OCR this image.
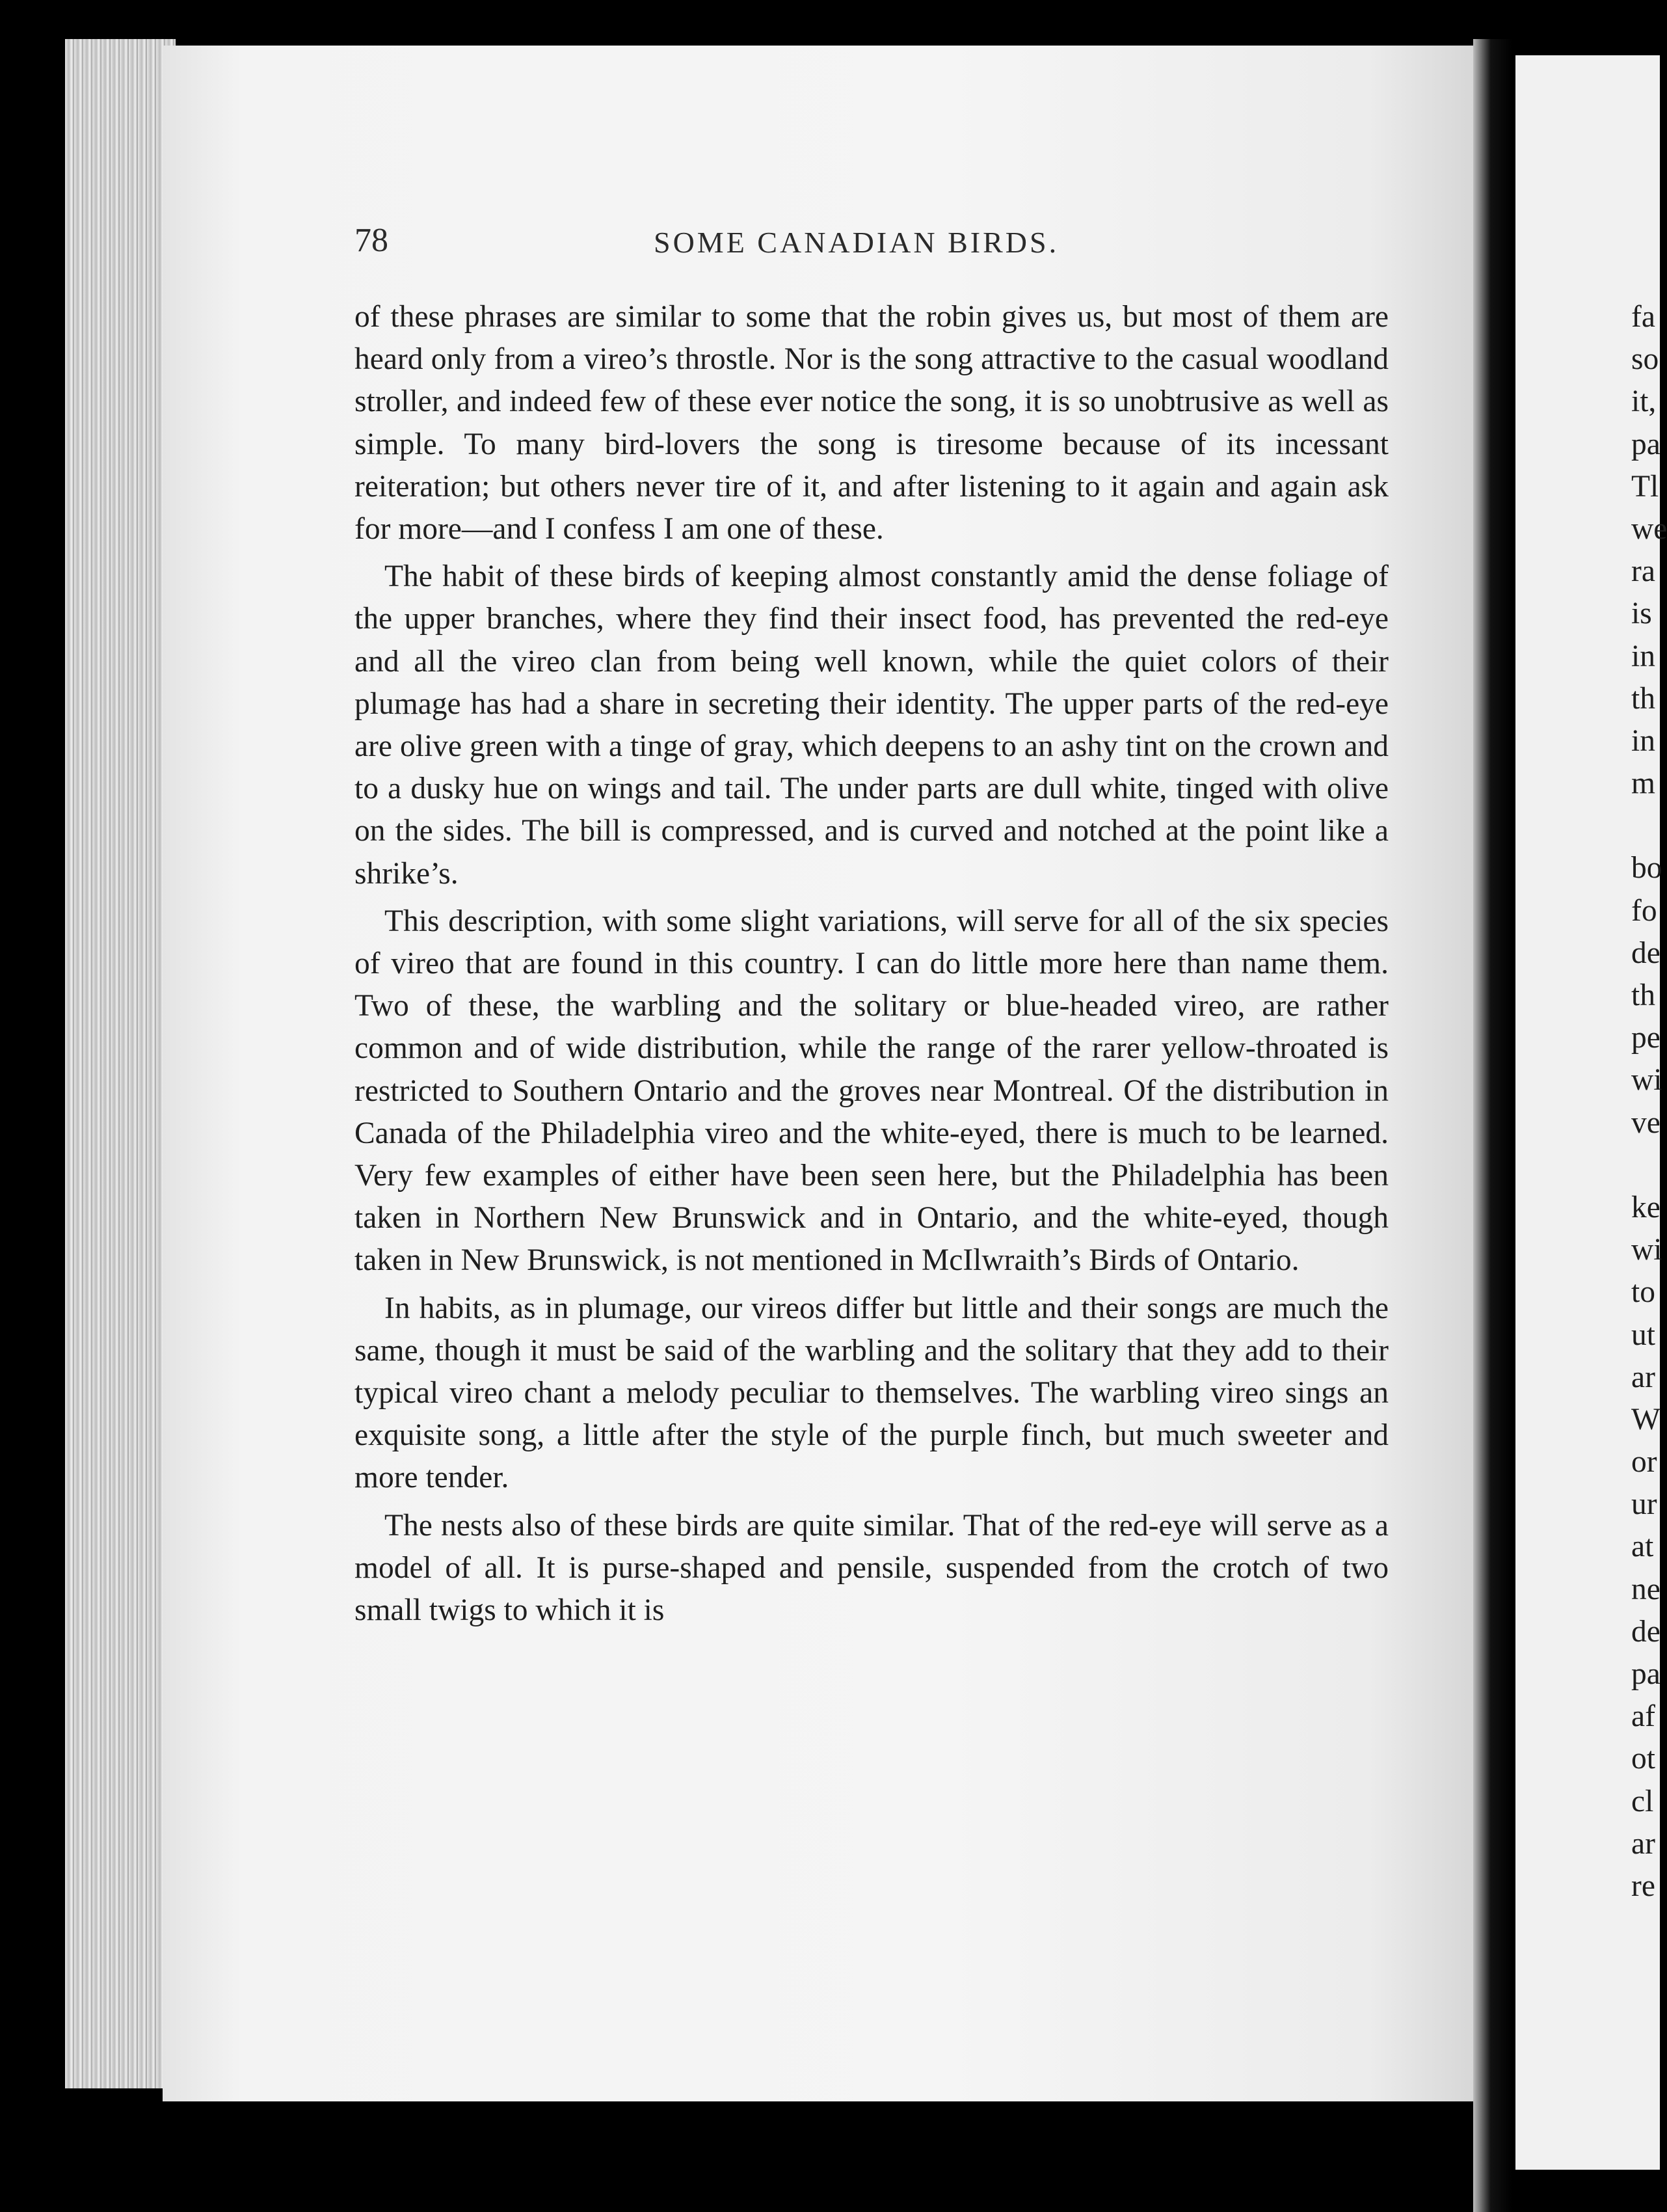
78	SOME CANADIAN BIRDS.

of these phrases are similar to some that the robin gives us, but most of them are heard only from a vireo’s throstle. Nor is the song attractive to the casual woodland stroller, and indeed few of these ever notice the song, it is so unobtrusive as well as simple. To many bird-lovers the song is tiresome because of its incessant reiteration; but others never tire of it, and after listening to it again and again ask for more—and I confess I am one of these.

The habit of these birds of keeping almost constantly amid the dense foliage of the upper branches, where they find their insect food, has prevented the red-eye and all the vireo clan from being well known, while the quiet colors of their plumage has had a share in secreting their identity. The upper parts of the red-eye are olive green with a tinge of gray, which deepens to an ashy tint on the crown and to a dusky hue on wings and tail. The under parts are dull white, tinged with olive on the sides. The bill is compressed, and is curved and notched at the point like a shrike’s.

This description, with some slight variations, will serve for all of the six species of vireo that are found in this country. I can do little more here than name them. Two of these, the warbling and the solitary or blue-headed vireo, are rather common and of wide distribution, while the range of the rarer yellow-throated is restricted to Southern Ontario and the groves near Montreal. Of the distribution in Canada of the Philadelphia vireo and the white-eyed, there is much to be learned. Very few examples of either have been seen here, but the Philadelphia has been taken in Northern New Brunswick and in Ontario, and the white-eyed, though taken in New Brunswick, is not mentioned in McIlwraith’s Birds of Ontario.

In habits, as in plumage, our vireos differ but little and their songs are much the same, though it must be said of the warbling and the solitary that they add to their typical vireo chant a melody peculiar to themselves. The warbling vireo sings an exquisite song, a little after the style of the purple finch, but much sweeter and more tender.

The nests also of these birds are quite similar. That of the red-eye will serve as a model of all. It is purse-shaped and pensile, suspended from the crotch of two small twigs to which it is

fa
so
it,
pa
Tl
we
ra
is
in
th
in
m
bo
fo
de
th
pe
wi
ve
ke
wi
to
ut
ar
W
or
ur
at
ne
de
pa
af
ot
cl
ar
re
